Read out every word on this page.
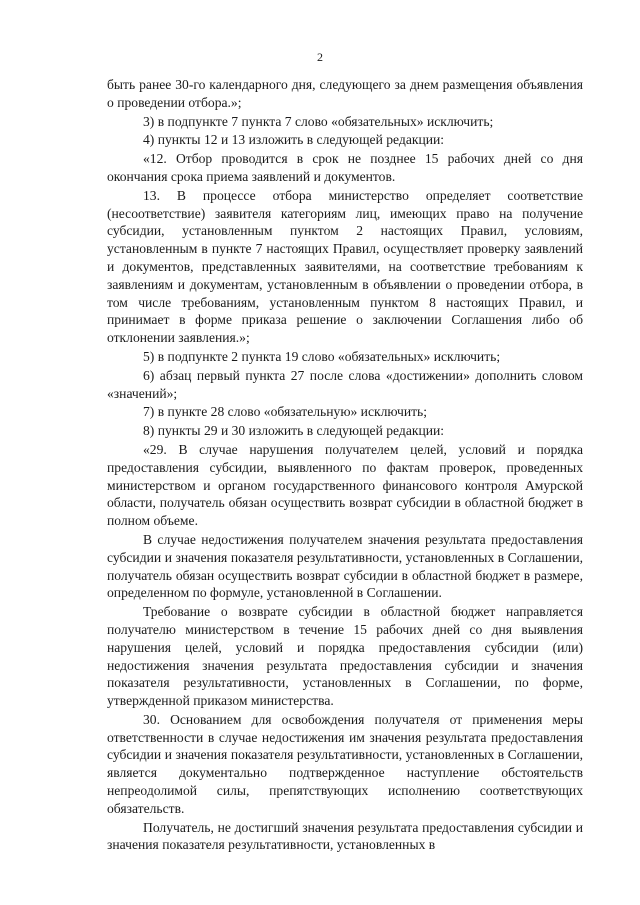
2

быть ранее 30-го календарного дня, следующего за днем размещения объявления о проведении отбора.»;

3) в подпункте 7 пункта 7 слово «обязательных» исключить;

4) пункты 12 и 13 изложить в следующей редакции:

«12. Отбор проводится в срок не позднее 15 рабочих дней со дня окончания срока приема заявлений и документов.

13. В процессе отбора министерство определяет соответствие (несоответствие) заявителя категориям лиц, имеющих право на получение субсидии, установленным пунктом 2 настоящих Правил, условиям, установленным в пункте 7 настоящих Правил, осуществляет проверку заявлений и документов, представленных заявителями, на соответствие требованиям к заявлениям и документам, установленным в объявлении о проведении отбора, в том числе требованиям, установленным пунктом 8 настоящих Правил, и принимает в форме приказа решение о заключении Соглашения либо об отклонении заявления.»;

5) в подпункте 2 пункта 19 слово «обязательных» исключить;

6) абзац первый пункта 27 после слова «достижении» дополнить словом «значений»;

7) в пункте 28 слово «обязательную» исключить;

8) пункты 29 и 30 изложить в следующей редакции:

«29. В случае нарушения получателем целей, условий и порядка предоставления субсидии, выявленного по фактам проверок, проведенных министерством и органом государственного финансового контроля Амурской области, получатель обязан осуществить возврат субсидии в областной бюджет в полном объеме.

В случае недостижения получателем значения результата предоставления субсидии и значения показателя результативности, установленных в Соглашении, получатель обязан осуществить возврат субсидии в областной бюджет в размере, определенном по формуле, установленной в Соглашении.

Требование о возврате субсидии в областной бюджет направляется получателю министерством в течение 15 рабочих дней со дня выявления нарушения целей, условий и порядка предоставления субсидии (или) недостижения значения результата предоставления субсидии и значения показателя результативности, установленных в Соглашении, по форме, утвержденной приказом министерства.

30. Основанием для освобождения получателя от применения меры ответственности в случае недостижения им значения результата предоставления субсидии и значения показателя результативности, установленных в Соглашении, является документально подтвержденное наступление обстоятельств непреодолимой силы, препятствующих исполнению соответствующих обязательств.

Получатель, не достигший значения результата предоставления субсидии и значения показателя результативности, установленных в
